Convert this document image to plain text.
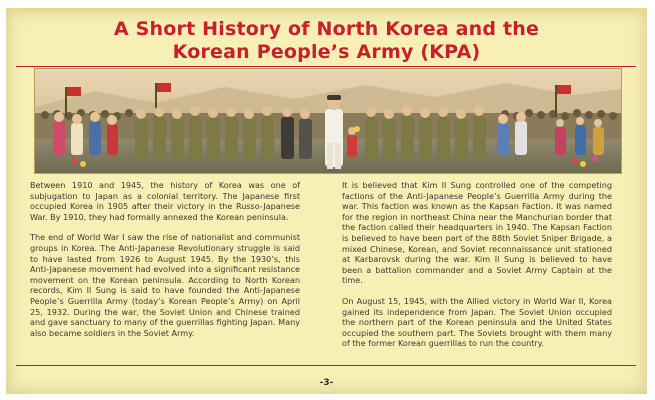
A Short History of North Korea and the
Korean People’s Army (KPA)

Between 1910 and 1945, the history of Korea was one of subjugation to Japan as a colonial territory. The Japanese first occupied Korea in 1905 after their victory in the Russo-Japanese War. By 1910, they had formally annexed the Korean peninsula.

The end of World War I saw the rise of nationalist and communist groups in Korea. The Anti-Japanese Revolutionary struggle is said to have lasted from 1926 to August 1945. By the 1930’s, this Anti-Japanese movement had evolved into a significant resistance movement on the Korean peninsula. According to North Korean records, Kim Il Sung is said to have founded the Anti-Japanese People’s Guerrilla Army (today’s Korean People’s Army) on April 25, 1932. During the war, the Soviet Union and Chinese trained and gave sanctuary to many of the guerrillas fighting Japan. Many also became soldiers in the Soviet Army.

It is believed that Kim Il Sung controlled one of the competing factions of the Anti-Japanese People’s Guerrilla Army during the war. This faction was known as the Kapsan Faction. It was named for the region in northeast China near the Manchurian border that the faction called their headquarters in 1940. The Kapsan Faction is believed to have been part of the 88th Soviet Sniper Brigade, a mixed Chinese, Korean, and Soviet reconnaissance unit stationed at Karbarovsk during the war. Kim Il Sung is believed to have been a battalion commander and a Soviet Army Captain at the time.

On August 15, 1945, with the Allied victory in World War II, Korea gained its independence from Japan. The Soviet Union occupied the northern part of the Korean peninsula and the United States occupied the southern part. The Soviets brought with them many of the former Korean guerrillas to run the country.

-3-
